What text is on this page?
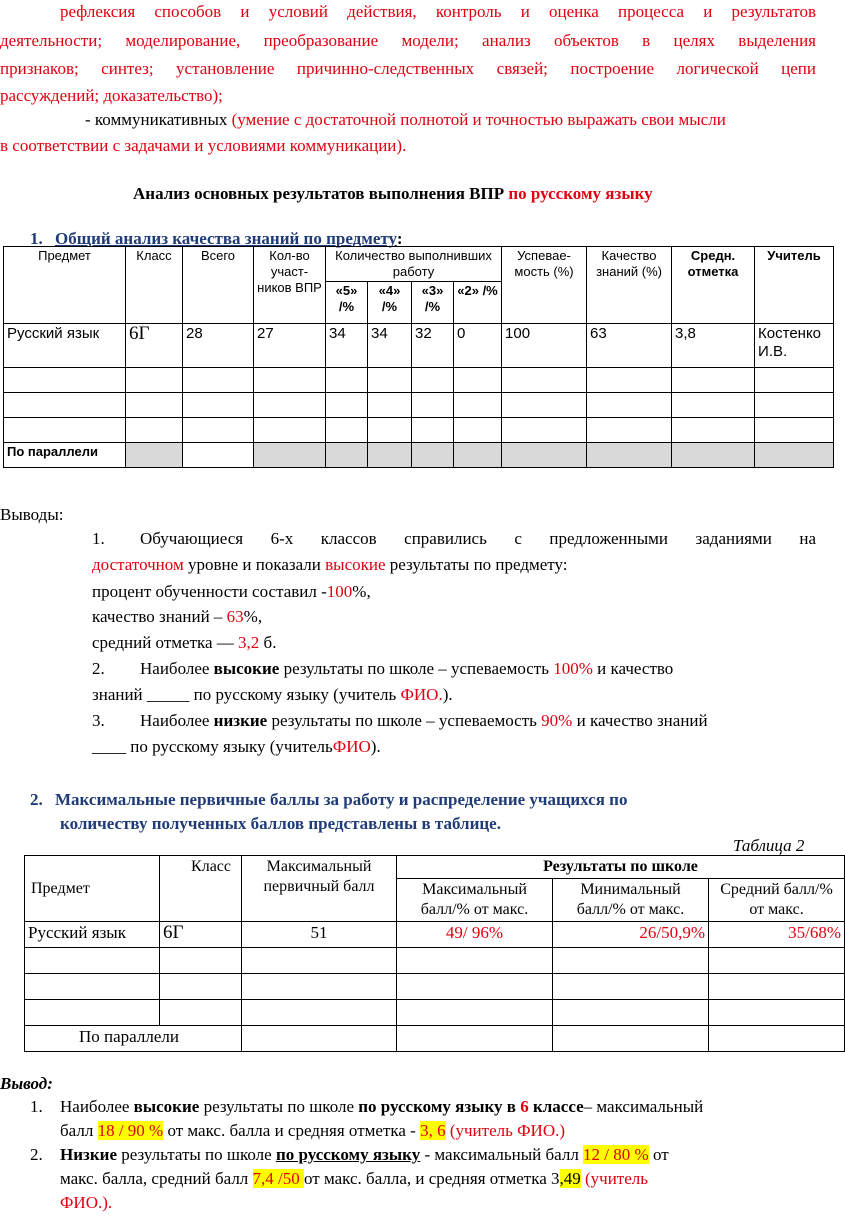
рефлексия способов и условий действия, контроль и оценка процесса и результатов
деятельности; моделирование, преобразование модели; анализ объектов в целях выделения
признаков; синтез; установление причинно-следственных связей; построение логической цепи
рассуждений; доказательство);
- коммуникативных (умение с достаточной полнотой и точностью выражать свои мысли
в соответствии с задачами и условиями коммуникации).
Анализ основных результатов выполнения ВПР по русскому языку
1. Общий анализ качества знаний по предмету:
Предмет	Класс	Всего	Кол-во участ-ников ВПР	Количество выполнивших работу				Успевае-мость (%)	Качество знаний (%)	Средн. отметка	Учитель
				«5» /%	«4» /%	«3» /%	«2» /%				
Русский язык	6Г	28	27	34	34	32	0	100	63	3,8	Костенко И.В.

По параллели											
Выводы:
1. Обучающиеся 6-х классов справились с предложенными заданиями на
достаточном уровне и показали высокие результаты по предмету:
процент обученности составил -100%,
качество знаний – 63%,
средний отметка — 3,2 б.
2. Наиболее высокие результаты по школе – успеваемость 100% и качество
знаний _____ по русскому языку (учитель ФИО.).
3. Наиболее низкие результаты по школе – успеваемость 90% и качество знаний
____ по русскому языку (учительФИО).
2. Максимальные первичные баллы за работу и распределение учащихся по
количеству полученных баллов представлены в таблице.
Таблица 2
Предмет	Класс	Максимальный первичный балл	Результаты по школе		
			Максимальный балл/% от макс.	Минимальный балл/% от макс.	Средний балл/% от макс.
Русский язык	6Г	51	49/ 96%	26/50,9%	35/68%

По параллели					
Вывод:
1. Наиболее высокие результаты по школе по русскому языку в 6 классе– максимальный
балл 18 / 90 % от макс. балла и средняя отметка - 3, 6 (учитель ФИО.)
2. Низкие результаты по школе по русскому языку - максимальный балл 12 / 80 % от
макс. балла, средний балл 7,4 /50 от макс. балла, и средняя отметка 3,49 (учитель
ФИО.).
